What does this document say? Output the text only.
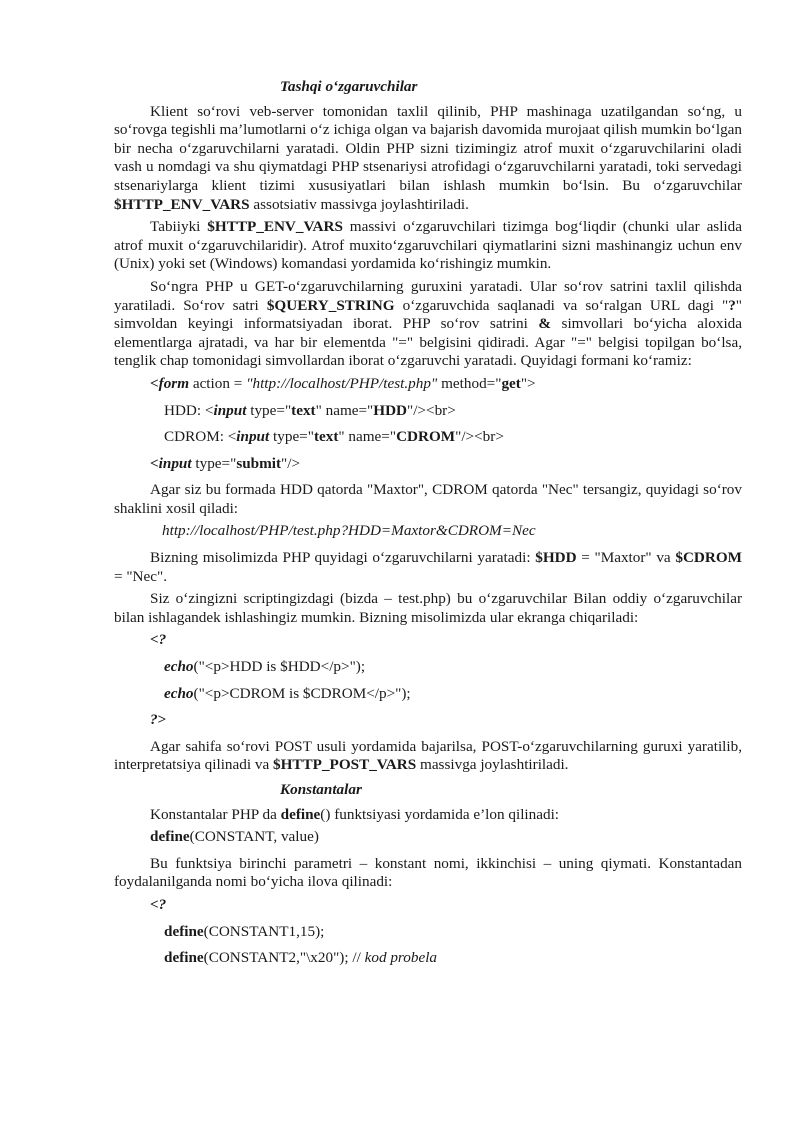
Tashqi o‘zgaruvchilar

Klient so‘rovi veb-server tomonidan taxlil qilinib, PHP mashinaga uzatilgandan so‘ng, u so‘rovga tegishli ma’lumotlarni o‘z ichiga olgan va bajarish davomida murojaat qilish mumkin bo‘lgan bir necha o‘zgaruvchilarni yaratadi. Oldin PHP sizni tizimingiz atrof muxit o‘zgaruvchilarini oladi vash u nomdagi va shu qiymatdagi PHP stsenariysi atrofidagi o‘zgaruvchilarni yaratadi, toki servedagi stsenariylarga klient tizimi xususiyatlari bilan ishlash mumkin bo‘lsin. Bu o‘zgaruvchilar $HTTP_ENV_VARS assotsiativ massivga joylashtiriladi.

Tabiiyki $HTTP_ENV_VARS massivi o‘zgaruvchilari tizimga bog‘liqdir (chunki ular aslida atrof muxit o‘zgaruvchilaridir). Atrof muxito‘zgaruvchilari qiymatlarini sizni mashinangiz uchun env (Unix) yoki set (Windows) komandasi yordamida ko‘rishingiz mumkin.

So‘ngra PHP u GET-o‘zgaruvchilarning guruxini yaratadi. Ular so‘rov satrini taxlil qilishda yaratiladi. So‘rov satri $QUERY_STRING o‘zgaruvchida saqlanadi va so‘ralgan URL dagi "?" simvoldan keyingi informatsiyadan iborat. PHP so‘rov satrini & simvollari bo‘yicha aloxida elementlarga ajratadi, va har bir elementda "=" belgisini qidiradi. Agar "=" belgisi topilgan bo‘lsa, tenglik chap tomonidagi simvollardan iborat o‘zgaruvchi yaratadi. Quyidagi formani ko‘ramiz:

<form action = "http://localhost/PHP/test.php" method="get">
HDD: <input type="text" name="HDD"/><br>
CDROM: <input type="text" name="CDROM"/><br>
<input type="submit"/>

Agar siz bu formada HDD qatorda "Maxtor", CDROM qatorda "Nec" tersangiz, quyidagi so‘rov shaklini xosil qiladi:

http://localhost/PHP/test.php?HDD=Maxtor&CDROM=Nec

Bizning misolimizda PHP quyidagi o‘zgaruvchilarni yaratadi: $HDD = "Maxtor" va $CDROM = "Nec".

Siz o‘zingizni scriptingizdagi (bizda – test.php) bu o‘zgaruvchilar Bilan oddiy o‘zgaruvchilar bilan ishlagandek ishlashingiz mumkin. Bizning misolimizda ular ekranga chiqariladi:

<?
echo("<p>HDD is $HDD</p>");
echo("<p>CDROM is $CDROM</p>");
?>

Agar sahifa so‘rovi POST usuli yordamida bajarilsa, POST-o‘zgaruvchilarning guruxi yaratilib, interpretatsiya qilinadi va $HTTP_POST_VARS massivga joylashtiriladi.

Konstantalar

Konstantalar PHP da define() funktsiyasi yordamida e’lon qilinadi:

define(CONSTANT, value)

Bu funktsiya birinchi parametri – konstant nomi, ikkinchisi – uning qiymati. Konstantadan foydalanilganda nomi bo‘yicha ilova qilinadi:

<?
define(CONSTANT1,15);
define(CONSTANT2,"\x20"); // kod probela
